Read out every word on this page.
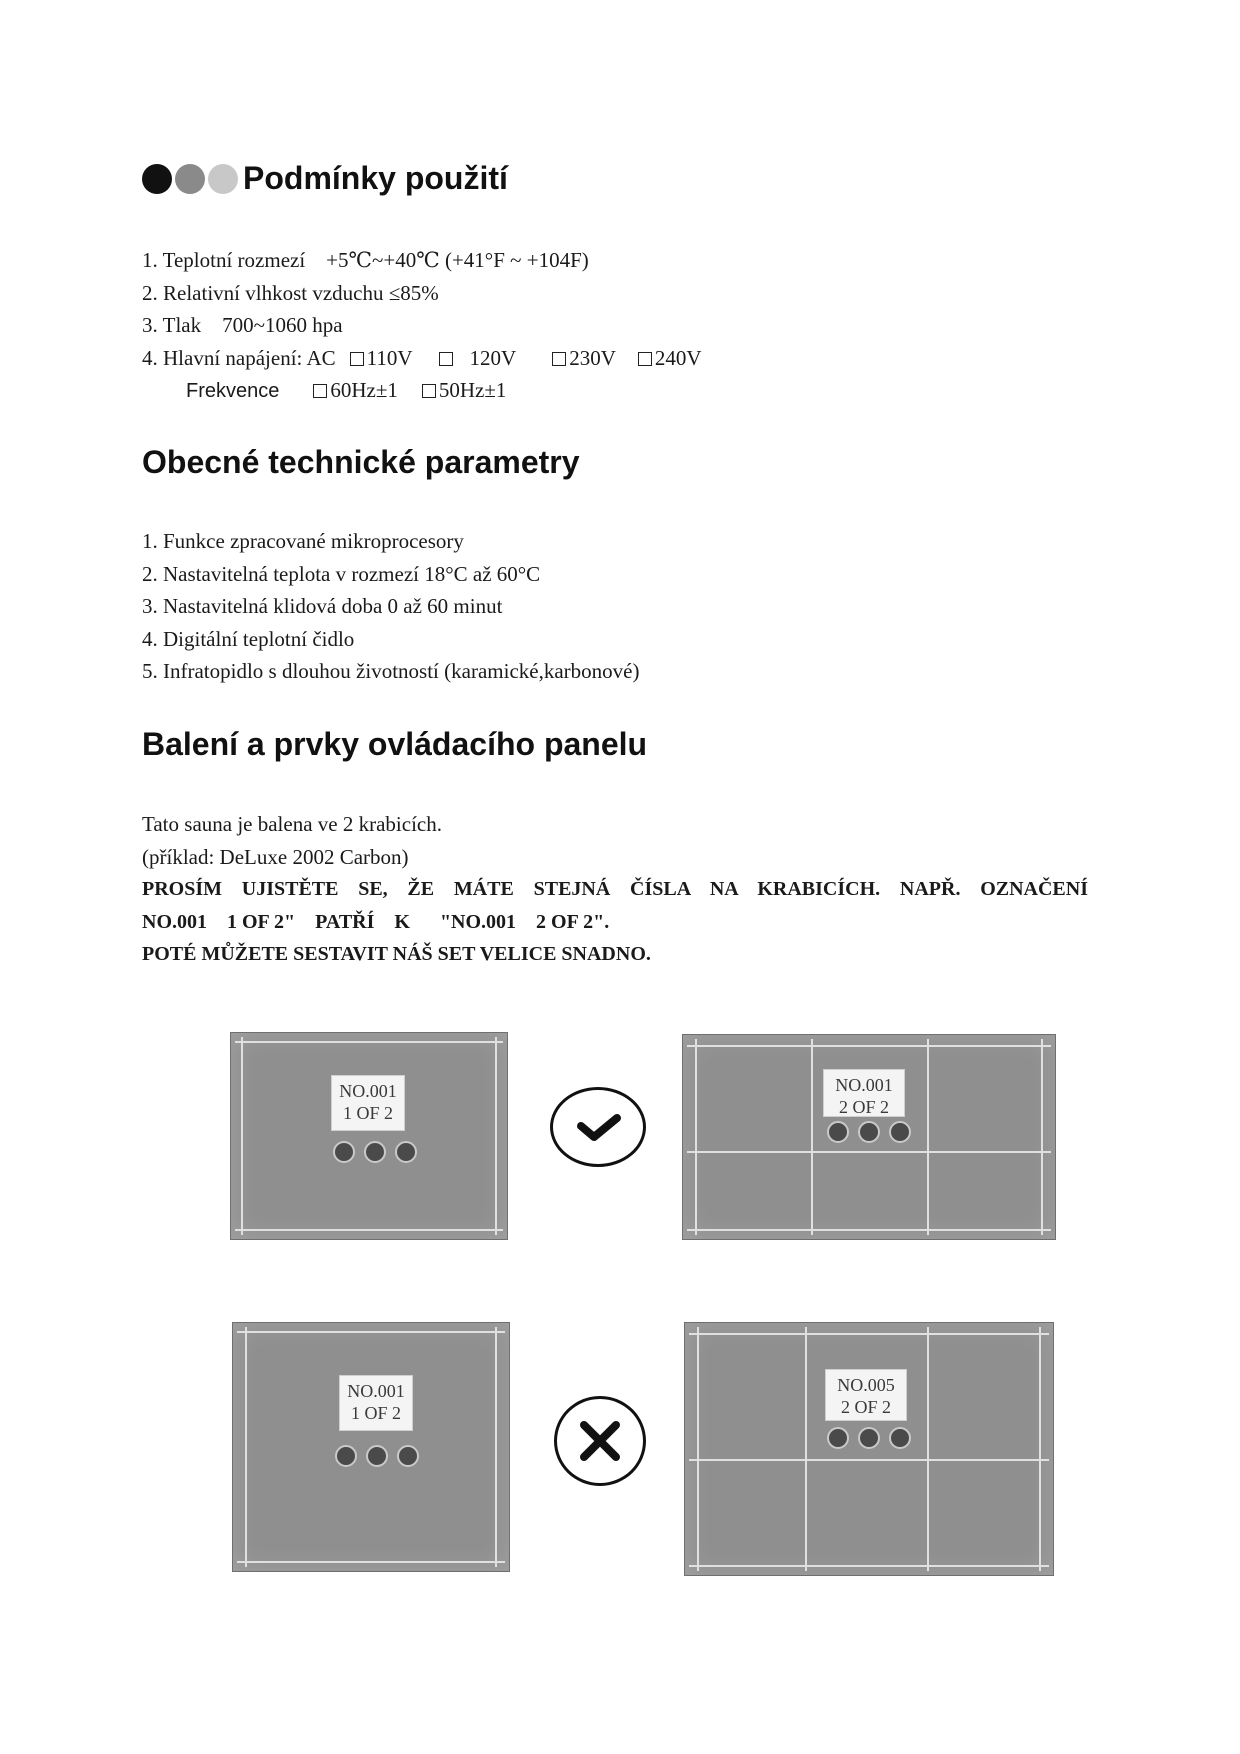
Podmínky použití
1. Teplotní rozmezí    +5℃~+40℃ (+41°F ~ +104F)
2. Relativní vlhkost vzduchu ≤85%
3. Tlak    700~1060 hpa
4. Hlavní napájení: AC 110V	120V	230V 240V
Frekvence 60Hz±1 50Hz±1
Obecné technické parametry
1. Funkce zpracované mikroprocesory
2. Nastavitelná teplota v rozmezí 18°C až 60°C
3. Nastavitelná klidová doba 0 až 60 minut
4. Digitální teplotní čidlo
5. Infratopidlo s dlouhou životností (karamické,karbonové)
Balení a prvky ovládacího panelu
Tato sauna je balena ve 2 krabicích.
(příklad: DeLuxe 2002 Carbon)
PROSÍM UJISTĚTE SE, ŽE MÁTE STEJNÁ ČÍSLA NA KRABICÍCH. NAPŘ. OZNAČENÍ
NO.001    1 OF 2"    PATŘÍ    K      "NO.001    2 OF 2".
POTÉ MŮŽETE SESTAVIT NÁŠ SET VELICE SNADNO.
NO.001
1 OF 2
NO.001
2 OF 2
NO.001
1 OF 2
NO.005
2 OF 2
